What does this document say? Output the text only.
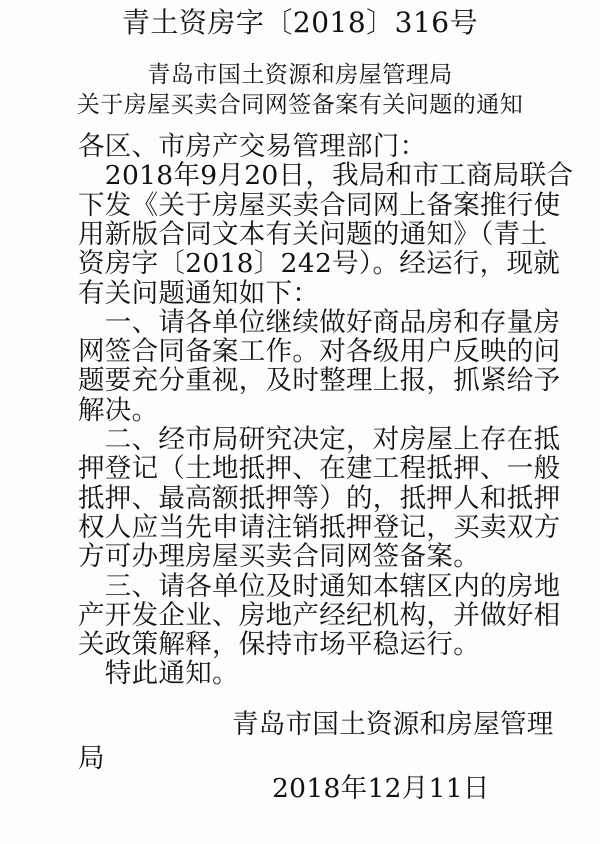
青土资房字〔2018〕316号
青岛市国土资源和房屋管理局
关于房屋买卖合同网签备案有关问题的通知
各区、市房产交易管理部门：
　2018年9月20日，我局和市工商局联合
下发《关于房屋买卖合同网上备案推行使
用新版合同文本有关问题的通知》（青土
资房字〔2018〕242号）。经运行，现就
有关问题通知如下：
　一、请各单位继续做好商品房和存量房
网签合同备案工作。对各级用户反映的问
题要充分重视，及时整理上报，抓紧给予
解决。
　二、经市局研究决定，对房屋上存在抵
押登记（土地抵押、在建工程抵押、一般
抵押、最高额抵押等）的，抵押人和抵押
权人应当先申请注销抵押登记，买卖双方
方可办理房屋买卖合同网签备案。
　三、请各单位及时通知本辖区内的房地
产开发企业、房地产经纪机构，并做好相
关政策解释，保持市场平稳运行。
　特此通知。
青岛市国土资源和房屋管理
局
2018年12月11日
